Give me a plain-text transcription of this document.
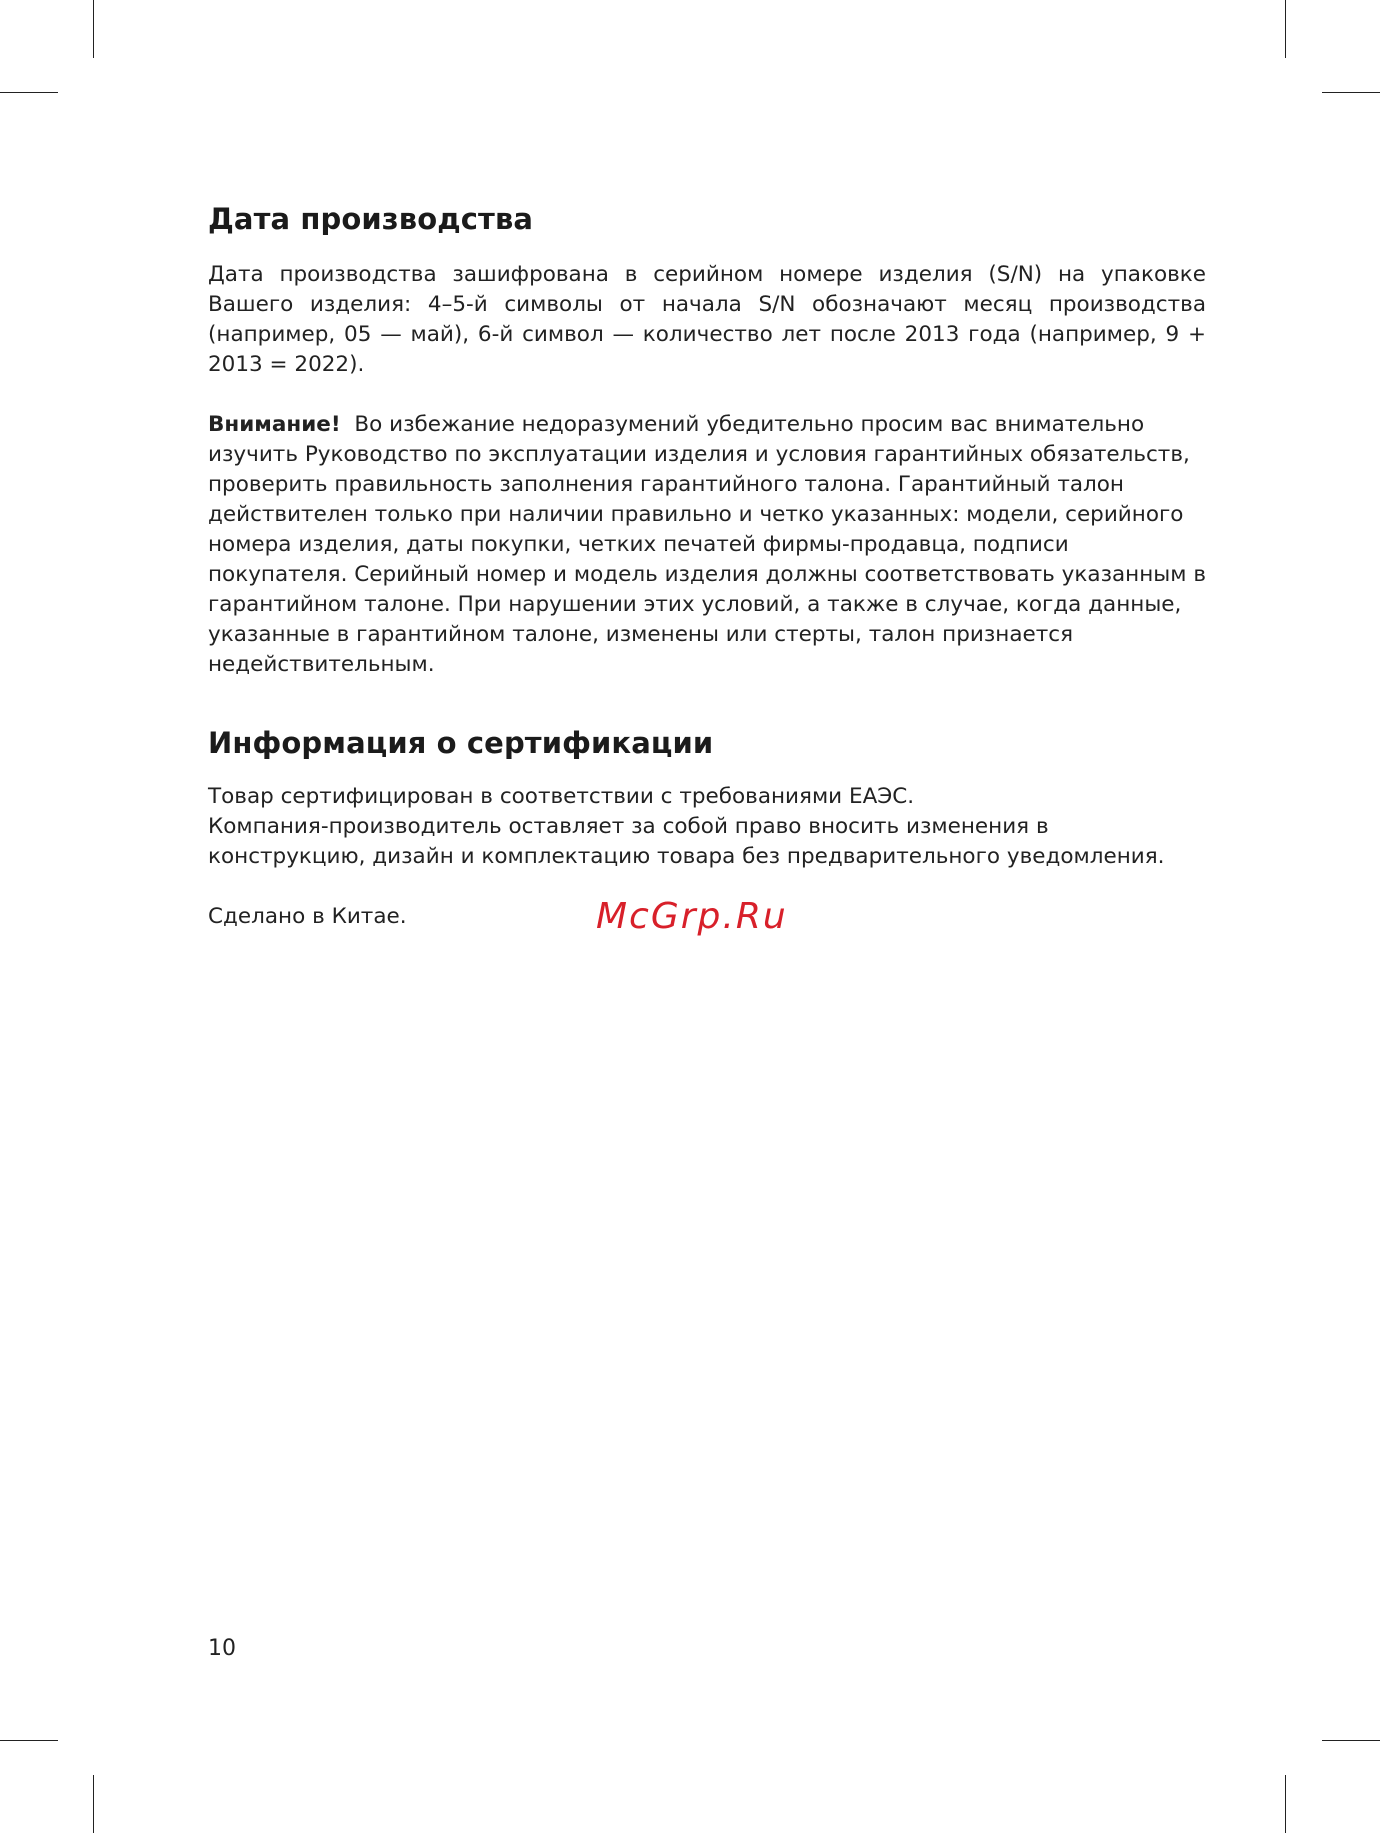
Дата производства

Дата производства зашифрована в серийном номере изделия (S/N) на упаковке Вашего изделия: 4–5-й символы от начала S/N обозначают месяц производства (например, 05 — май), 6-й символ — количество лет после 2013 года (например, 9 + 2013 = 2022).

Внимание! Во избежание недоразумений убедительно просим вас внимательно изучить Руководство по эксплуатации изделия и условия гарантийных обязательств, проверить правильность заполнения гарантийного талона. Гарантийный талон действителен только при наличии правильно и четко указанных: модели, серийного номера изделия, даты покупки, четких печатей фирмы-продавца, подписи покупателя. Серийный номер и модель изделия должны соответствовать указанным в гарантийном талоне. При нарушении этих условий, а также в случае, когда данные, указанные в гарантийном талоне, изменены или стерты, талон признается недействительным.

Информация о сертификации

Товар сертифицирован в соответствии с требованиями ЕАЭС.
Компания-производитель оставляет за собой право вносить изменения в конструкцию, дизайн и комплектацию товара без предварительного уведомления.

Сделано в Китае.	McGrp.Ru
10
